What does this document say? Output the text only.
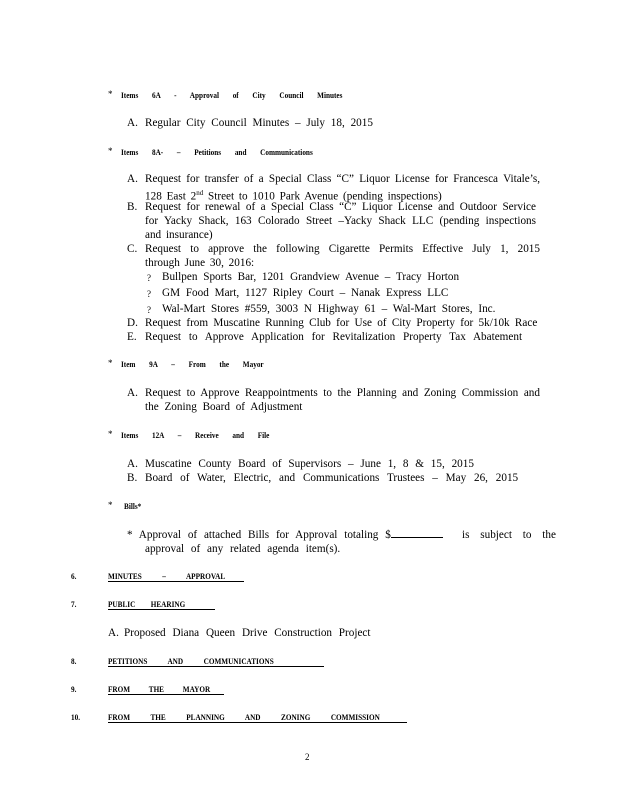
* Items 6A - Approval of City Council Minutes
A. Regular City Council Minutes – July 18, 2015
* Items 8A- – Petitions and Communications
A. Request for transfer of a Special Class “C” Liquor License for Francesca Vitale’s,
128 East 2nd Street to 1010 Park Avenue (pending inspections)
B. Request for renewal of a Special Class “C” Liquor License and Outdoor Service
for Yacky Shack, 163 Colorado Street –Yacky Shack LLC (pending inspections
and insurance)
C. Request to approve the following Cigarette Permits Effective July 1, 2015
through June 30, 2016:
? Bullpen Sports Bar, 1201 Grandview Avenue – Tracy Horton
? GM Food Mart, 1127 Ripley Court – Nanak Express LLC
? Wal-Mart Stores #559, 3003 N Highway 61 – Wal-Mart Stores, Inc.
D. Request from Muscatine Running Club for Use of City Property for 5k/10k Race
E. Request to Approve Application for Revitalization Property Tax Abatement
* Item 9A – From the Mayor
A. Request to Approve Reappointments to the Planning and Zoning Commission and
the Zoning Board of Adjustment
* Items 12A – Receive and File
A. Muscatine County Board of Supervisors – June 1, 8 & 15, 2015
B. Board of Water, Electric, and Communications Trustees – May 26, 2015
* Bills*
* Approval of attached Bills for Approval totaling $	is subject to the
approval of any related agenda item(s).
6.	MINUTES – APPROVAL
7.	PUBLIC HEARING
A. Proposed Diana Queen Drive Construction Project
8.	PETITIONS AND COMMUNICATIONS
9.	FROM THE MAYOR
10.	FROM THE PLANNING AND ZONING COMMISSION
2
